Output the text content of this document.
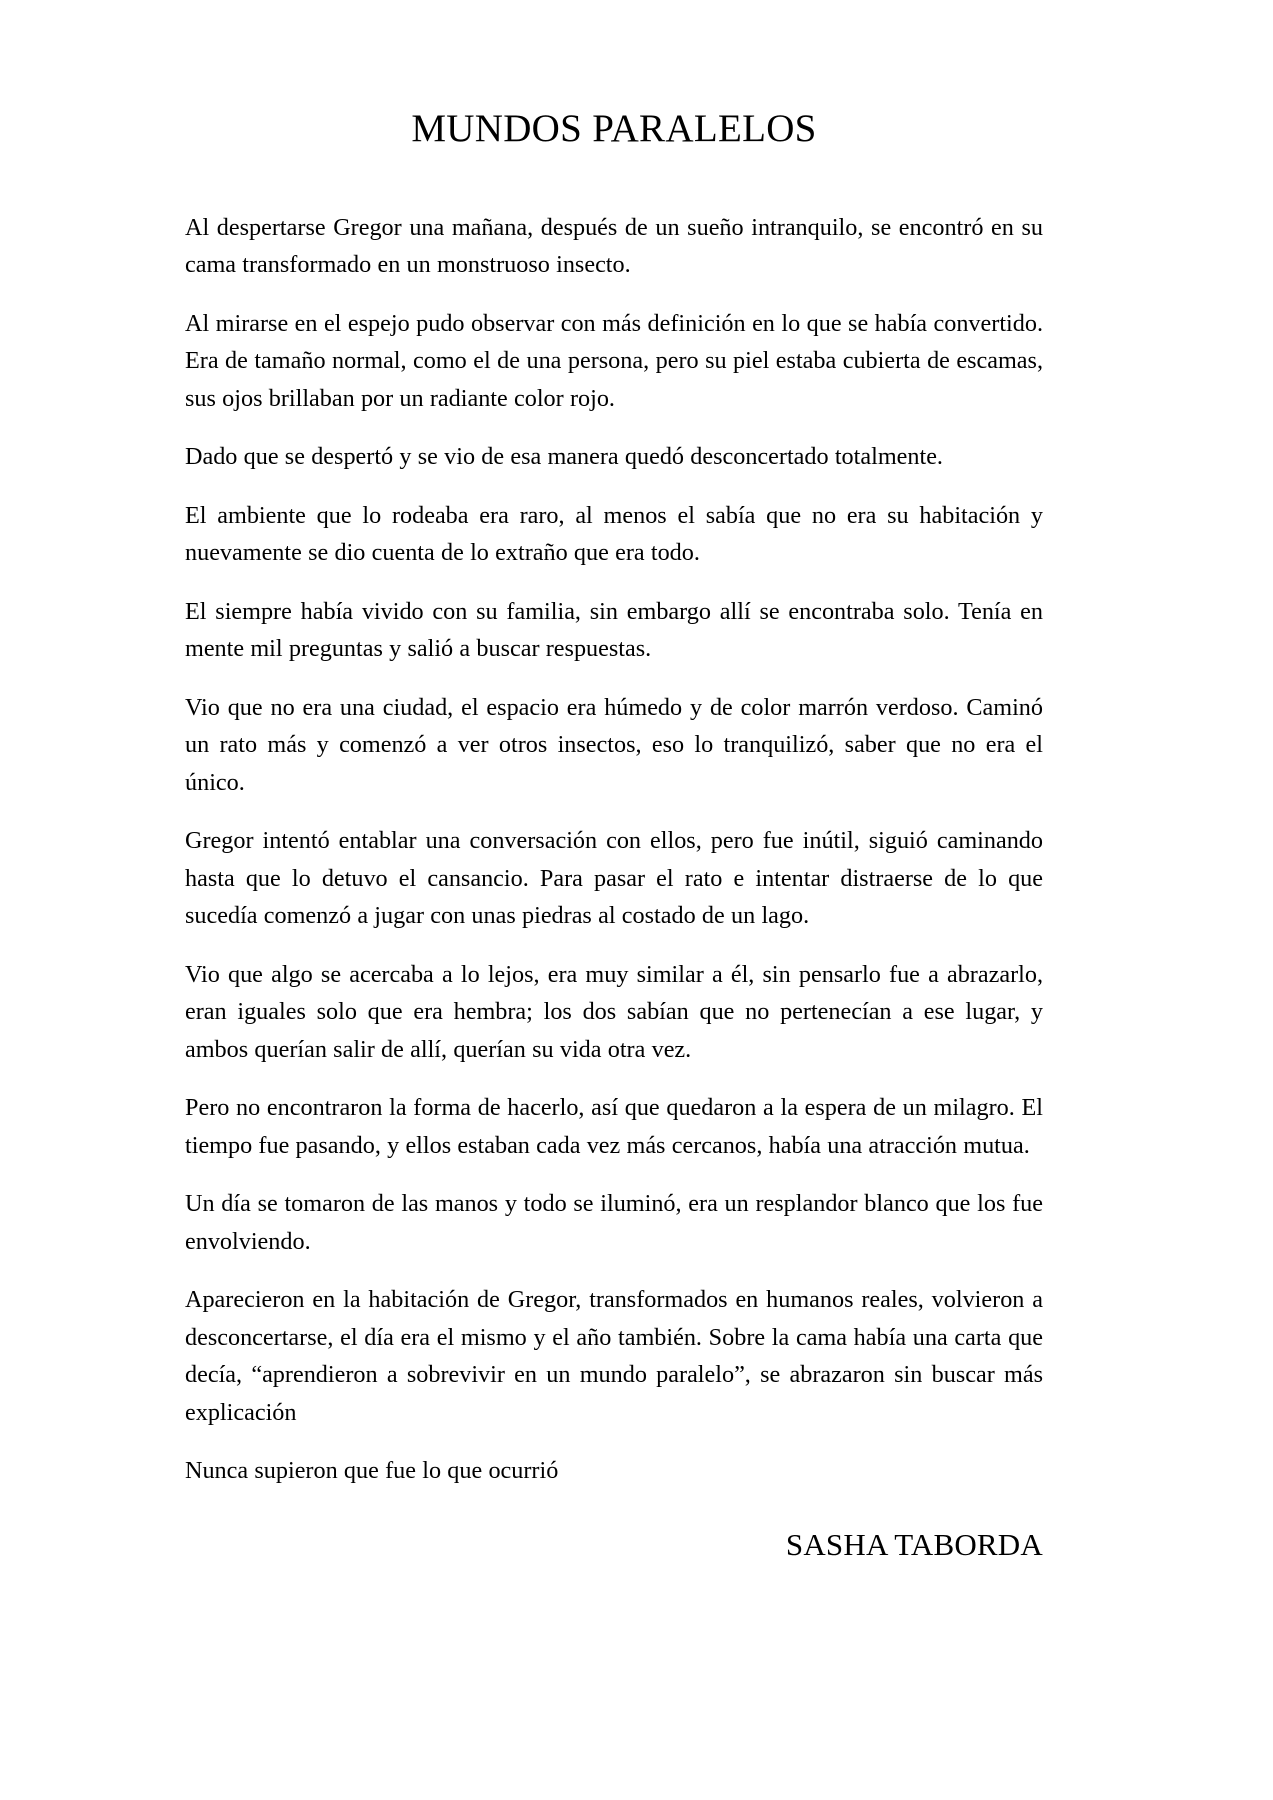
MUNDOS PARALELOS

Al despertarse Gregor una mañana, después de un sueño intranquilo, se encontró en su cama transformado en un monstruoso insecto.

Al mirarse en el espejo pudo observar con más definición en lo que se había convertido. Era de tamaño normal, como el de una persona, pero su piel estaba cubierta de escamas, sus ojos brillaban por un radiante color rojo.

Dado que se despertó y se vio de esa manera quedó desconcertado totalmente.

El ambiente que lo rodeaba era raro, al menos el sabía que no era su habitación y nuevamente se dio cuenta de lo extraño que era todo.

El siempre había vivido con su familia, sin embargo allí se encontraba solo. Tenía en mente mil preguntas y salió a buscar respuestas.

Vio que no era una ciudad, el espacio era húmedo y de color marrón verdoso. Caminó un rato más y comenzó a ver otros insectos, eso lo tranquilizó, saber que no era el único.

Gregor intentó entablar una conversación con ellos, pero fue inútil, siguió caminando hasta que lo detuvo el cansancio. Para pasar el rato e intentar distraerse de lo que sucedía comenzó a jugar con unas piedras al costado de un lago.

Vio que algo se acercaba a lo lejos, era muy similar a él, sin pensarlo fue a abrazarlo, eran iguales solo que era hembra; los dos sabían que no pertenecían a ese lugar, y ambos querían salir de allí, querían su vida otra vez.

Pero no encontraron la forma de hacerlo, así que quedaron a la espera de un milagro. El tiempo fue pasando, y ellos estaban cada vez más cercanos, había una atracción mutua.

Un día se tomaron de las manos y todo se iluminó, era un resplandor blanco que los fue envolviendo.

Aparecieron en la habitación de Gregor, transformados en humanos reales, volvieron a desconcertarse, el día era el mismo y el año también. Sobre la cama había una carta que decía, “aprendieron a sobrevivir en un mundo paralelo”, se abrazaron sin buscar más explicación

Nunca supieron que fue lo que ocurrió

SASHA TABORDA
